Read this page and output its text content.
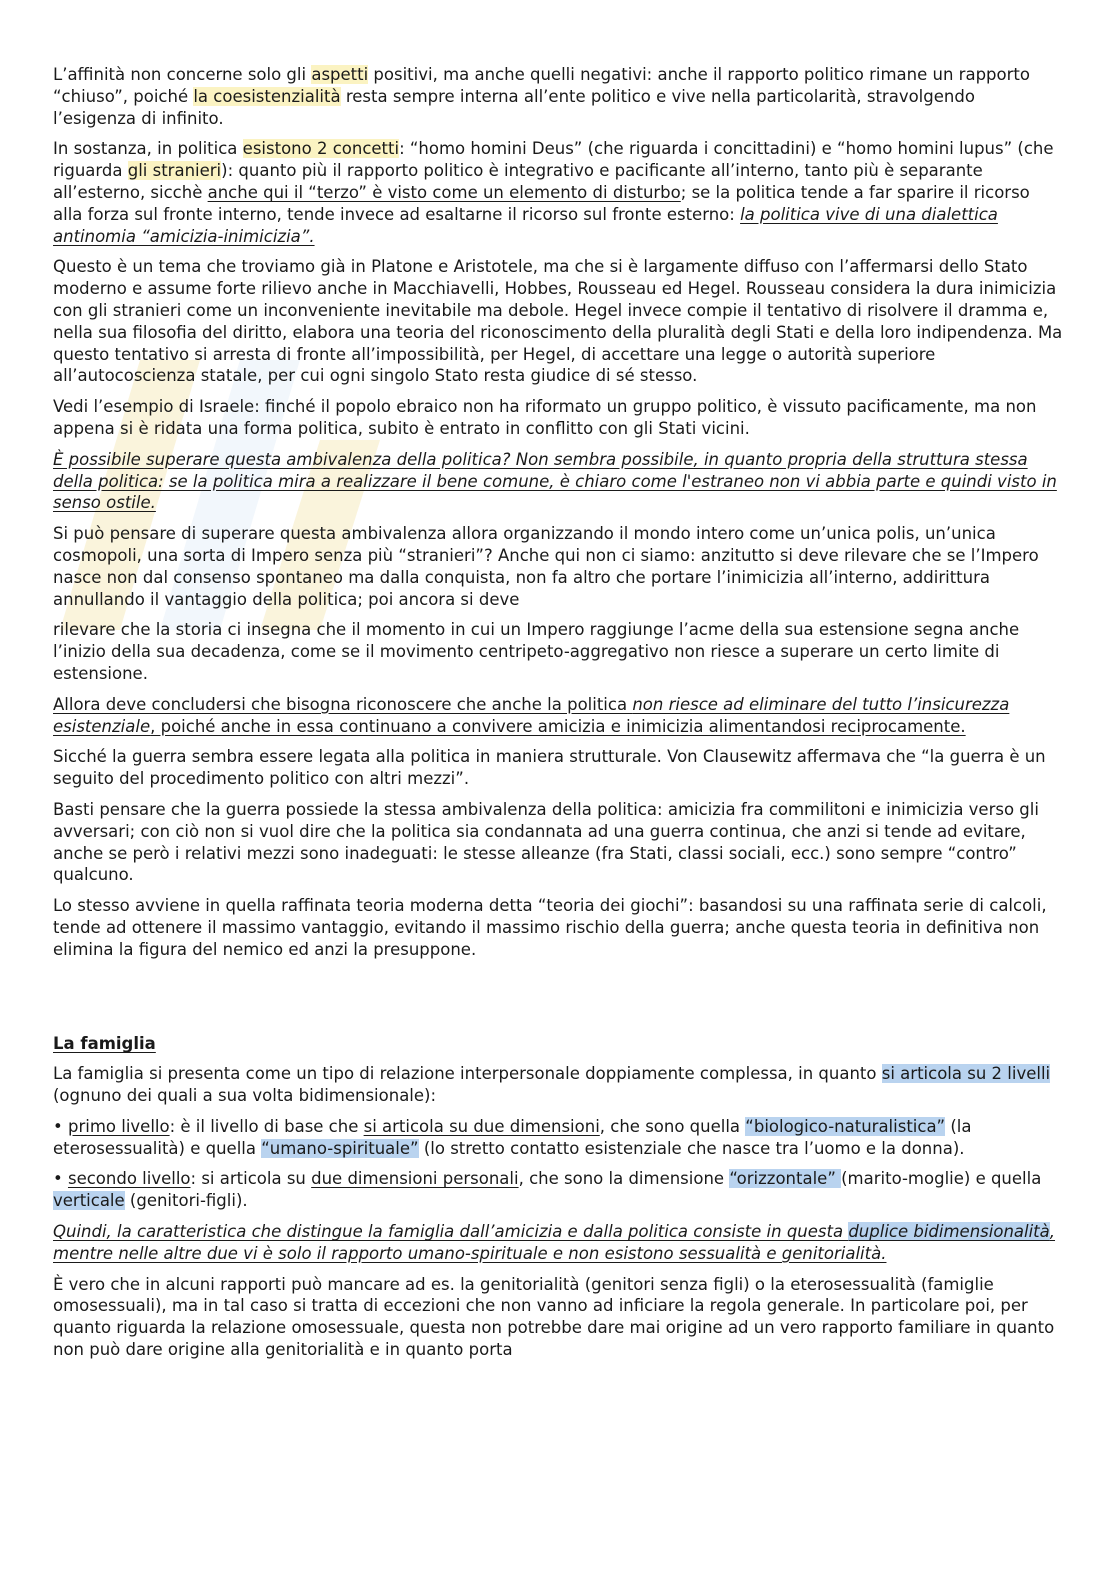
L’affinità non concerne solo gli aspetti positivi, ma anche quelli negativi: anche il rapporto politico rimane un rapporto “chiuso”, poiché la coesistenzialità resta sempre interna all’ente politico e vive nella particolarità, stravolgendo l’esigenza di infinito.

In sostanza, in politica esistono 2 concetti: “homo homini Deus” (che riguarda i concittadini) e “homo homini lupus” (che riguarda gli stranieri): quanto più il rapporto politico è integrativo e pacificante all’interno, tanto più è separante all’esterno, sicchè anche qui il “terzo” è visto come un elemento di disturbo; se la politica tende a far sparire il ricorso alla forza sul fronte interno, tende invece ad esaltarne il ricorso sul fronte esterno: la politica vive di una dialettica antinomia “amicizia-inimicizia”.

Questo è un tema che troviamo già in Platone e Aristotele, ma che si è largamente diffuso con l’affermarsi dello Stato moderno e assume forte rilievo anche in Macchiavelli, Hobbes, Rousseau ed Hegel. Rousseau considera la dura inimicizia con gli stranieri come un inconveniente inevitabile ma debole. Hegel invece compie il tentativo di risolvere il dramma e, nella sua filosofia del diritto, elabora una teoria del riconoscimento della pluralità degli Stati e della loro indipendenza. Ma questo tentativo si arresta di fronte all’impossibilità, per Hegel, di accettare una legge o autorità superiore all’autocoscienza statale, per cui ogni singolo Stato resta giudice di sé stesso.

Vedi l’esempio di Israele: finché il popolo ebraico non ha riformato un gruppo politico, è vissuto pacificamente, ma non appena si è ridata una forma politica, subito è entrato in conflitto con gli Stati vicini.

È possibile superare questa ambivalenza della politica? Non sembra possibile, in quanto propria della struttura stessa della politica: se la politica mira a realizzare il bene comune, è chiaro come l'estraneo non vi abbia parte e quindi visto in senso ostile.

Si può pensare di superare questa ambivalenza allora organizzando il mondo intero come un’unica polis, un’unica cosmopoli, una sorta di Impero senza più “stranieri”? Anche qui non ci siamo: anzitutto si deve rilevare che se l’Impero nasce non dal consenso spontaneo ma dalla conquista, non fa altro che portare l’inimicizia all’interno, addirittura annullando il vantaggio della politica; poi ancora si deve

rilevare che la storia ci insegna che il momento in cui un Impero raggiunge l’acme della sua estensione segna anche l’inizio della sua decadenza, come se il movimento centripeto-aggregativo non riesce a superare un certo limite di estensione.

Allora deve concludersi che bisogna riconoscere che anche la politica non riesce ad eliminare del tutto l’insicurezza esistenziale, poiché anche in essa continuano a convivere amicizia e inimicizia alimentandosi reciprocamente.

Sicché la guerra sembra essere legata alla politica in maniera strutturale. Von Clausewitz affermava che “la guerra è un seguito del procedimento politico con altri mezzi”.

Basti pensare che la guerra possiede la stessa ambivalenza della politica: amicizia fra commilitoni e inimicizia verso gli avversari; con ciò non si vuol dire che la politica sia condannata ad una guerra continua, che anzi si tende ad evitare, anche se però i relativi mezzi sono inadeguati: le stesse alleanze (fra Stati, classi sociali, ecc.) sono sempre “contro” qualcuno.

Lo stesso avviene in quella raffinata teoria moderna detta “teoria dei giochi”: basandosi su una raffinata serie di calcoli, tende ad ottenere il massimo vantaggio, evitando il massimo rischio della guerra; anche questa teoria in definitiva non elimina la figura del nemico ed anzi la presuppone.

La famiglia

La famiglia si presenta come un tipo di relazione interpersonale doppiamente complessa, in quanto si articola su 2 livelli (ognuno dei quali a sua volta bidimensionale):

• primo livello: è il livello di base che si articola su due dimensioni, che sono quella “biologico-naturalistica” (la eterosessualità) e quella “umano-spirituale” (lo stretto contatto esistenziale che nasce tra l’uomo e la donna).

• secondo livello: si articola su due dimensioni personali, che sono la dimensione “orizzontale” (marito-moglie) e quella verticale (genitori-figli).

Quindi, la caratteristica che distingue la famiglia dall’amicizia e dalla politica consiste in questa duplice bidimensionalità, mentre nelle altre due vi è solo il rapporto umano-spirituale e non esistono sessualità e genitorialità.

È vero che in alcuni rapporti può mancare ad es. la genitorialità (genitori senza figli) o la eterosessualità (famiglie omosessuali), ma in tal caso si tratta di eccezioni che non vanno ad inficiare la regola generale. In particolare poi, per quanto riguarda la relazione omosessuale, questa non potrebbe dare mai origine ad un vero rapporto familiare in quanto non può dare origine alla genitorialità e in quanto porta
